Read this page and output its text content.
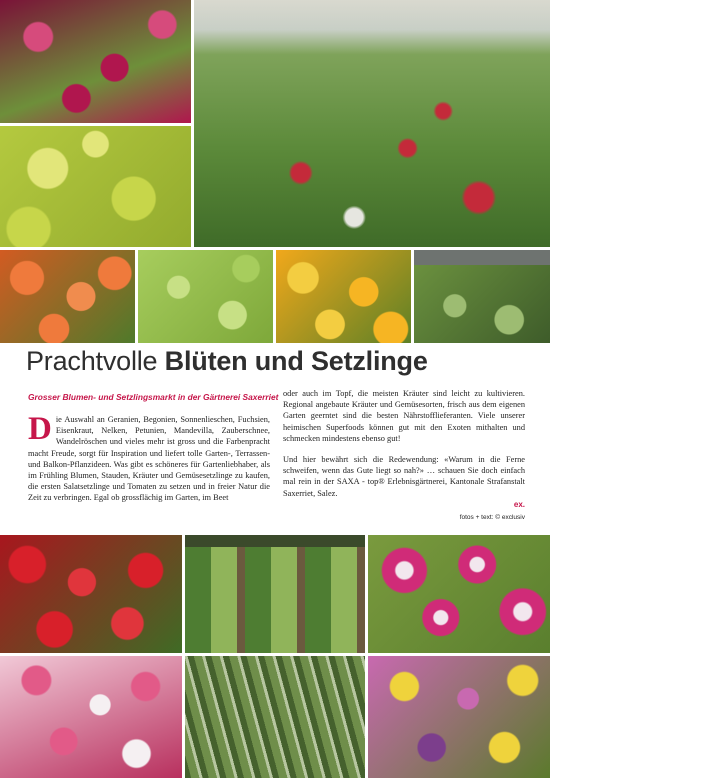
27
Prachtvolle Blüten und Setzlinge
Grosser Blumen- und Setzlingsmarkt in der Gärtnerei Saxerriet
D ie Auswahl an Geranien, Begonien, Sonnenlieschen, Fuchsien, Eisenkraut, Nelken, Petunien, Mandevilla, Zauberschnee, Wandelröschen und vieles mehr ist gross und die Farbenpracht macht Freude, sorgt für Inspiration und liefert tolle Garten-, Terrassen- und Balkon-Pflanzideen. Was gibt es schöneres für Gartenliebhaber, als im Frühling Blumen, Stauden, Kräuter und Gemüsesetzlinge zu kaufen, die ersten Salatsetzlinge und Tomaten zu setzen und in freier Natur die Zeit zu verbringen. Egal ob grossflächig im Garten, im Beet

oder auch im Topf, die meisten Kräuter sind leicht zu kultivieren. Regional angebaute Kräuter und Gemüsesorten, frisch aus dem eigenen Garten geerntet sind die besten Nährstofflieferanten. Viele unserer heimischen Superfoods können gut mit den Exoten mithalten und schmecken mindestens ebenso gut!

Und hier bewährt sich die Redewendung: «Warum in die Ferne schweifen, wenn das Gute liegt so nah?» … schauen Sie doch einfach mal rein in der SAXA - top® Erlebnisgärtnerei, Kantonale Strafanstalt Saxerriet, Salez.

ex.
fotos + text: © exclusiv
